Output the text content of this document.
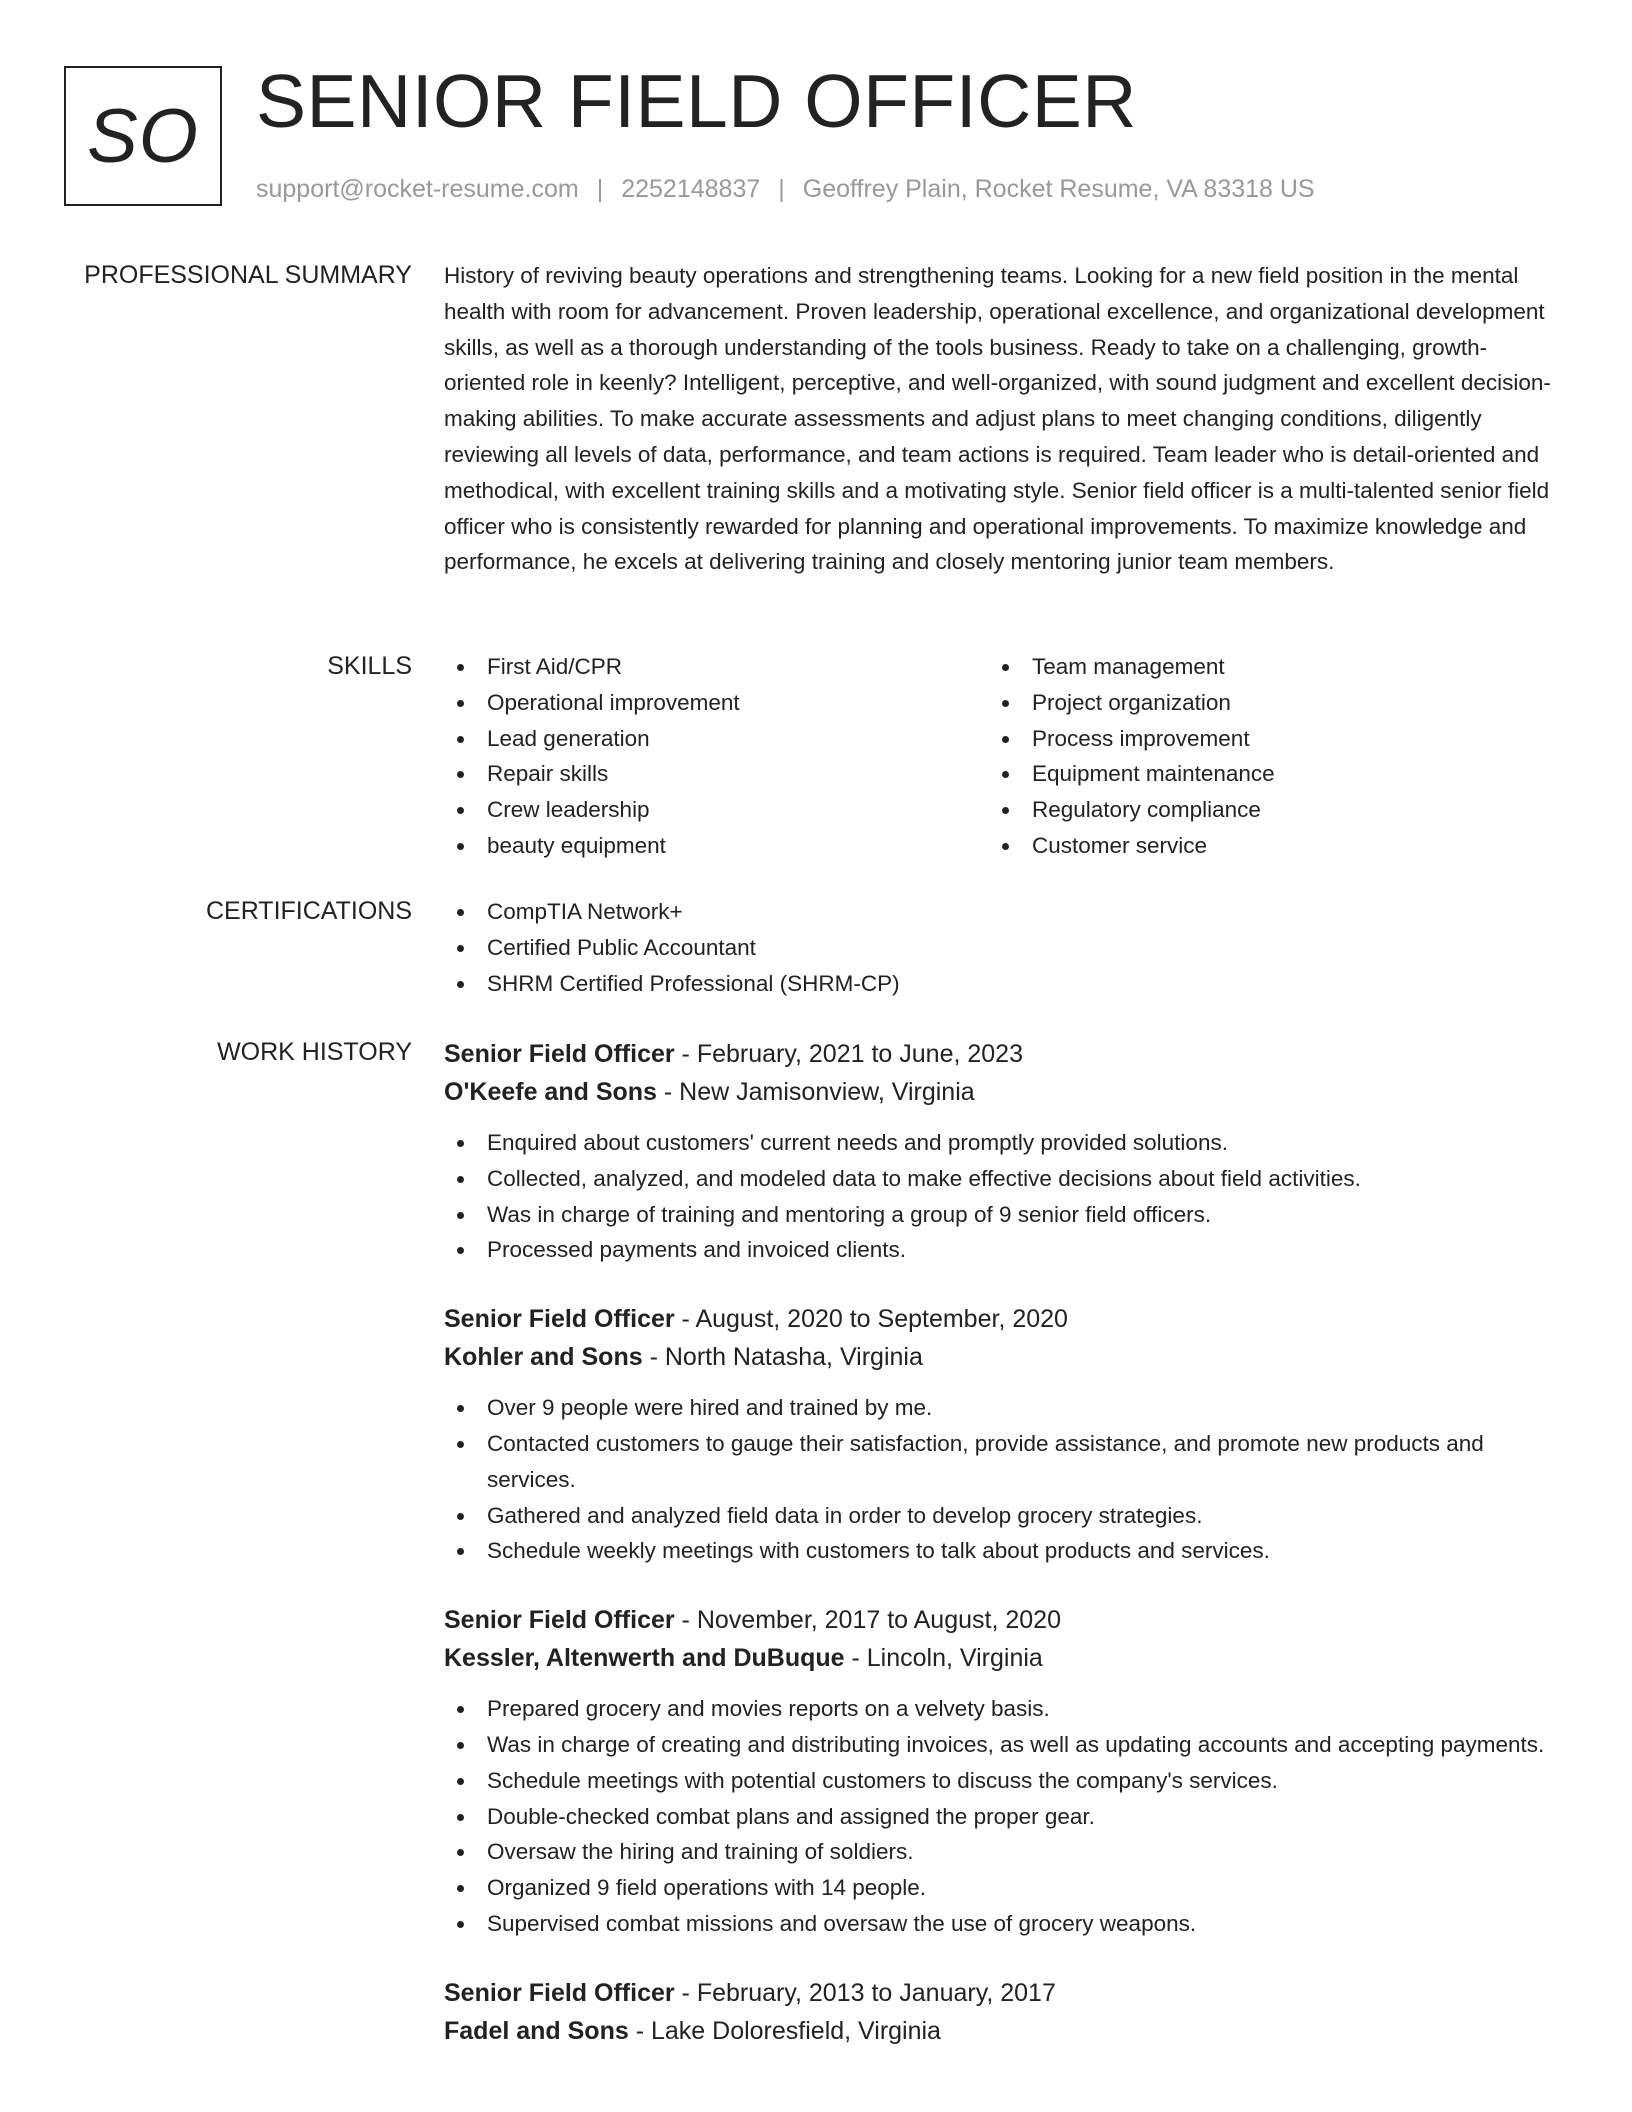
SO SENIOR FIELD OFFICER
support@rocket-resume.com | 2252148837 | Geoffrey Plain, Rocket Resume, VA 83318 US
PROFESSIONAL SUMMARY History of reviving beauty operations and strengthening teams. Looking for a new field position in the mental health with room for advancement. Proven leadership, operational excellence, and organizational development skills, as well as a thorough understanding of the tools business. Ready to take on a challenging, growth-oriented role in keenly? Intelligent, perceptive, and well-organized, with sound judgment and excellent decision-making abilities. To make accurate assessments and adjust plans to meet changing conditions, diligently reviewing all levels of data, performance, and team actions is required. Team leader who is detail-oriented and methodical, with excellent training skills and a motivating style. Senior field officer is a multi-talented senior field officer who is consistently rewarded for planning and operational improvements. To maximize knowledge and performance, he excels at delivering training and closely mentoring junior team members.

SKILLS	First Aid/CPR
Operational improvement
Lead generation
Repair skills
Crew leadership
beauty equipment
Team management
Project organization
Process improvement
Equipment maintenance
Regulatory compliance
Customer service
CERTIFICATIONS	CompTIA Network+
Certified Public Accountant
SHRM Certified Professional (SHRM-CP)
WORK HISTORY Senior Field Officer - February, 2021 to June, 2023
O'Keefe and Sons - New Jamisonview, Virginia
Enquired about customers' current needs and promptly provided solutions.
Collected, analyzed, and modeled data to make effective decisions about field activities.
Was in charge of training and mentoring a group of 9 senior field officers.
Processed payments and invoiced clients.
Senior Field Officer - August, 2020 to September, 2020
Kohler and Sons - North Natasha, Virginia
Over 9 people were hired and trained by me.
Contacted customers to gauge their satisfaction, provide assistance, and promote new products and services.
Gathered and analyzed field data in order to develop grocery strategies.
Schedule weekly meetings with customers to talk about products and services.
Senior Field Officer - November, 2017 to August, 2020
Kessler, Altenwerth and DuBuque - Lincoln, Virginia
Prepared grocery and movies reports on a velvety basis.
Was in charge of creating and distributing invoices, as well as updating accounts and accepting payments.
Schedule meetings with potential customers to discuss the company's services.
Double-checked combat plans and assigned the proper gear.
Oversaw the hiring and training of soldiers.
Organized 9 field operations with 14 people.
Supervised combat missions and oversaw the use of grocery weapons.
Senior Field Officer - February, 2013 to January, 2017
Fadel and Sons - Lake Doloresfield, Virginia
